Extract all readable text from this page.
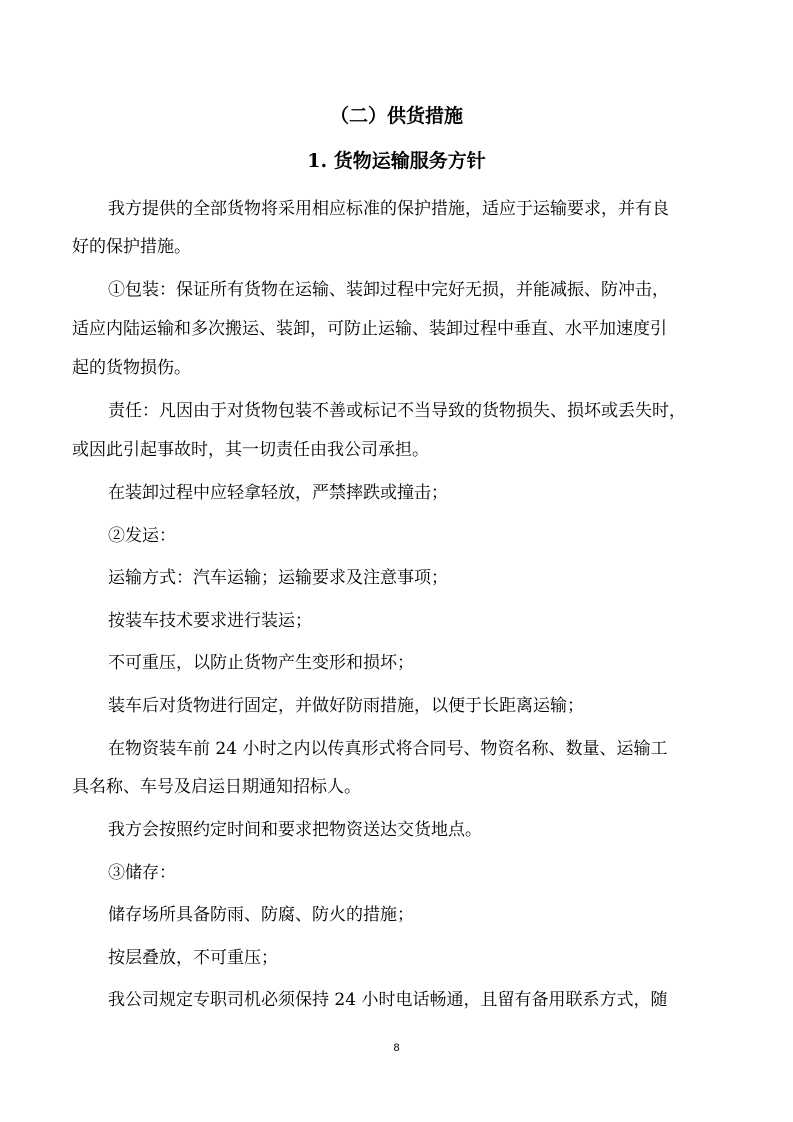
（二）供货措施
1. 货物运输服务方针
我方提供的全部货物将采用相应标准的保护措施，适应于运输要求，并有良
好的保护措施。
①包装：保证所有货物在运输、装卸过程中完好无损，并能减振、防冲击，
适应内陆运输和多次搬运、装卸，可防止运输、装卸过程中垂直、水平加速度引
起的货物损伤。
责任：凡因由于对货物包装不善或标记不当导致的货物损失、损坏或丢失时，
或因此引起事故时，其一切责任由我公司承担。
在装卸过程中应轻拿轻放，严禁摔跌或撞击；
②发运：
运输方式：汽车运输；运输要求及注意事项；
按装车技术要求进行装运；
不可重压，以防止货物产生变形和损坏；
装车后对货物进行固定，并做好防雨措施，以便于长距离运输；
在物资装车前 24 小时之内以传真形式将合同号、物资名称、数量、运输工
具名称、车号及启运日期通知招标人。
我方会按照约定时间和要求把物资送达交货地点。
③储存：
储存场所具备防雨、防腐、防火的措施；
按层叠放，不可重压；
我公司规定专职司机必须保持 24 小时电话畅通，且留有备用联系方式，随
8
